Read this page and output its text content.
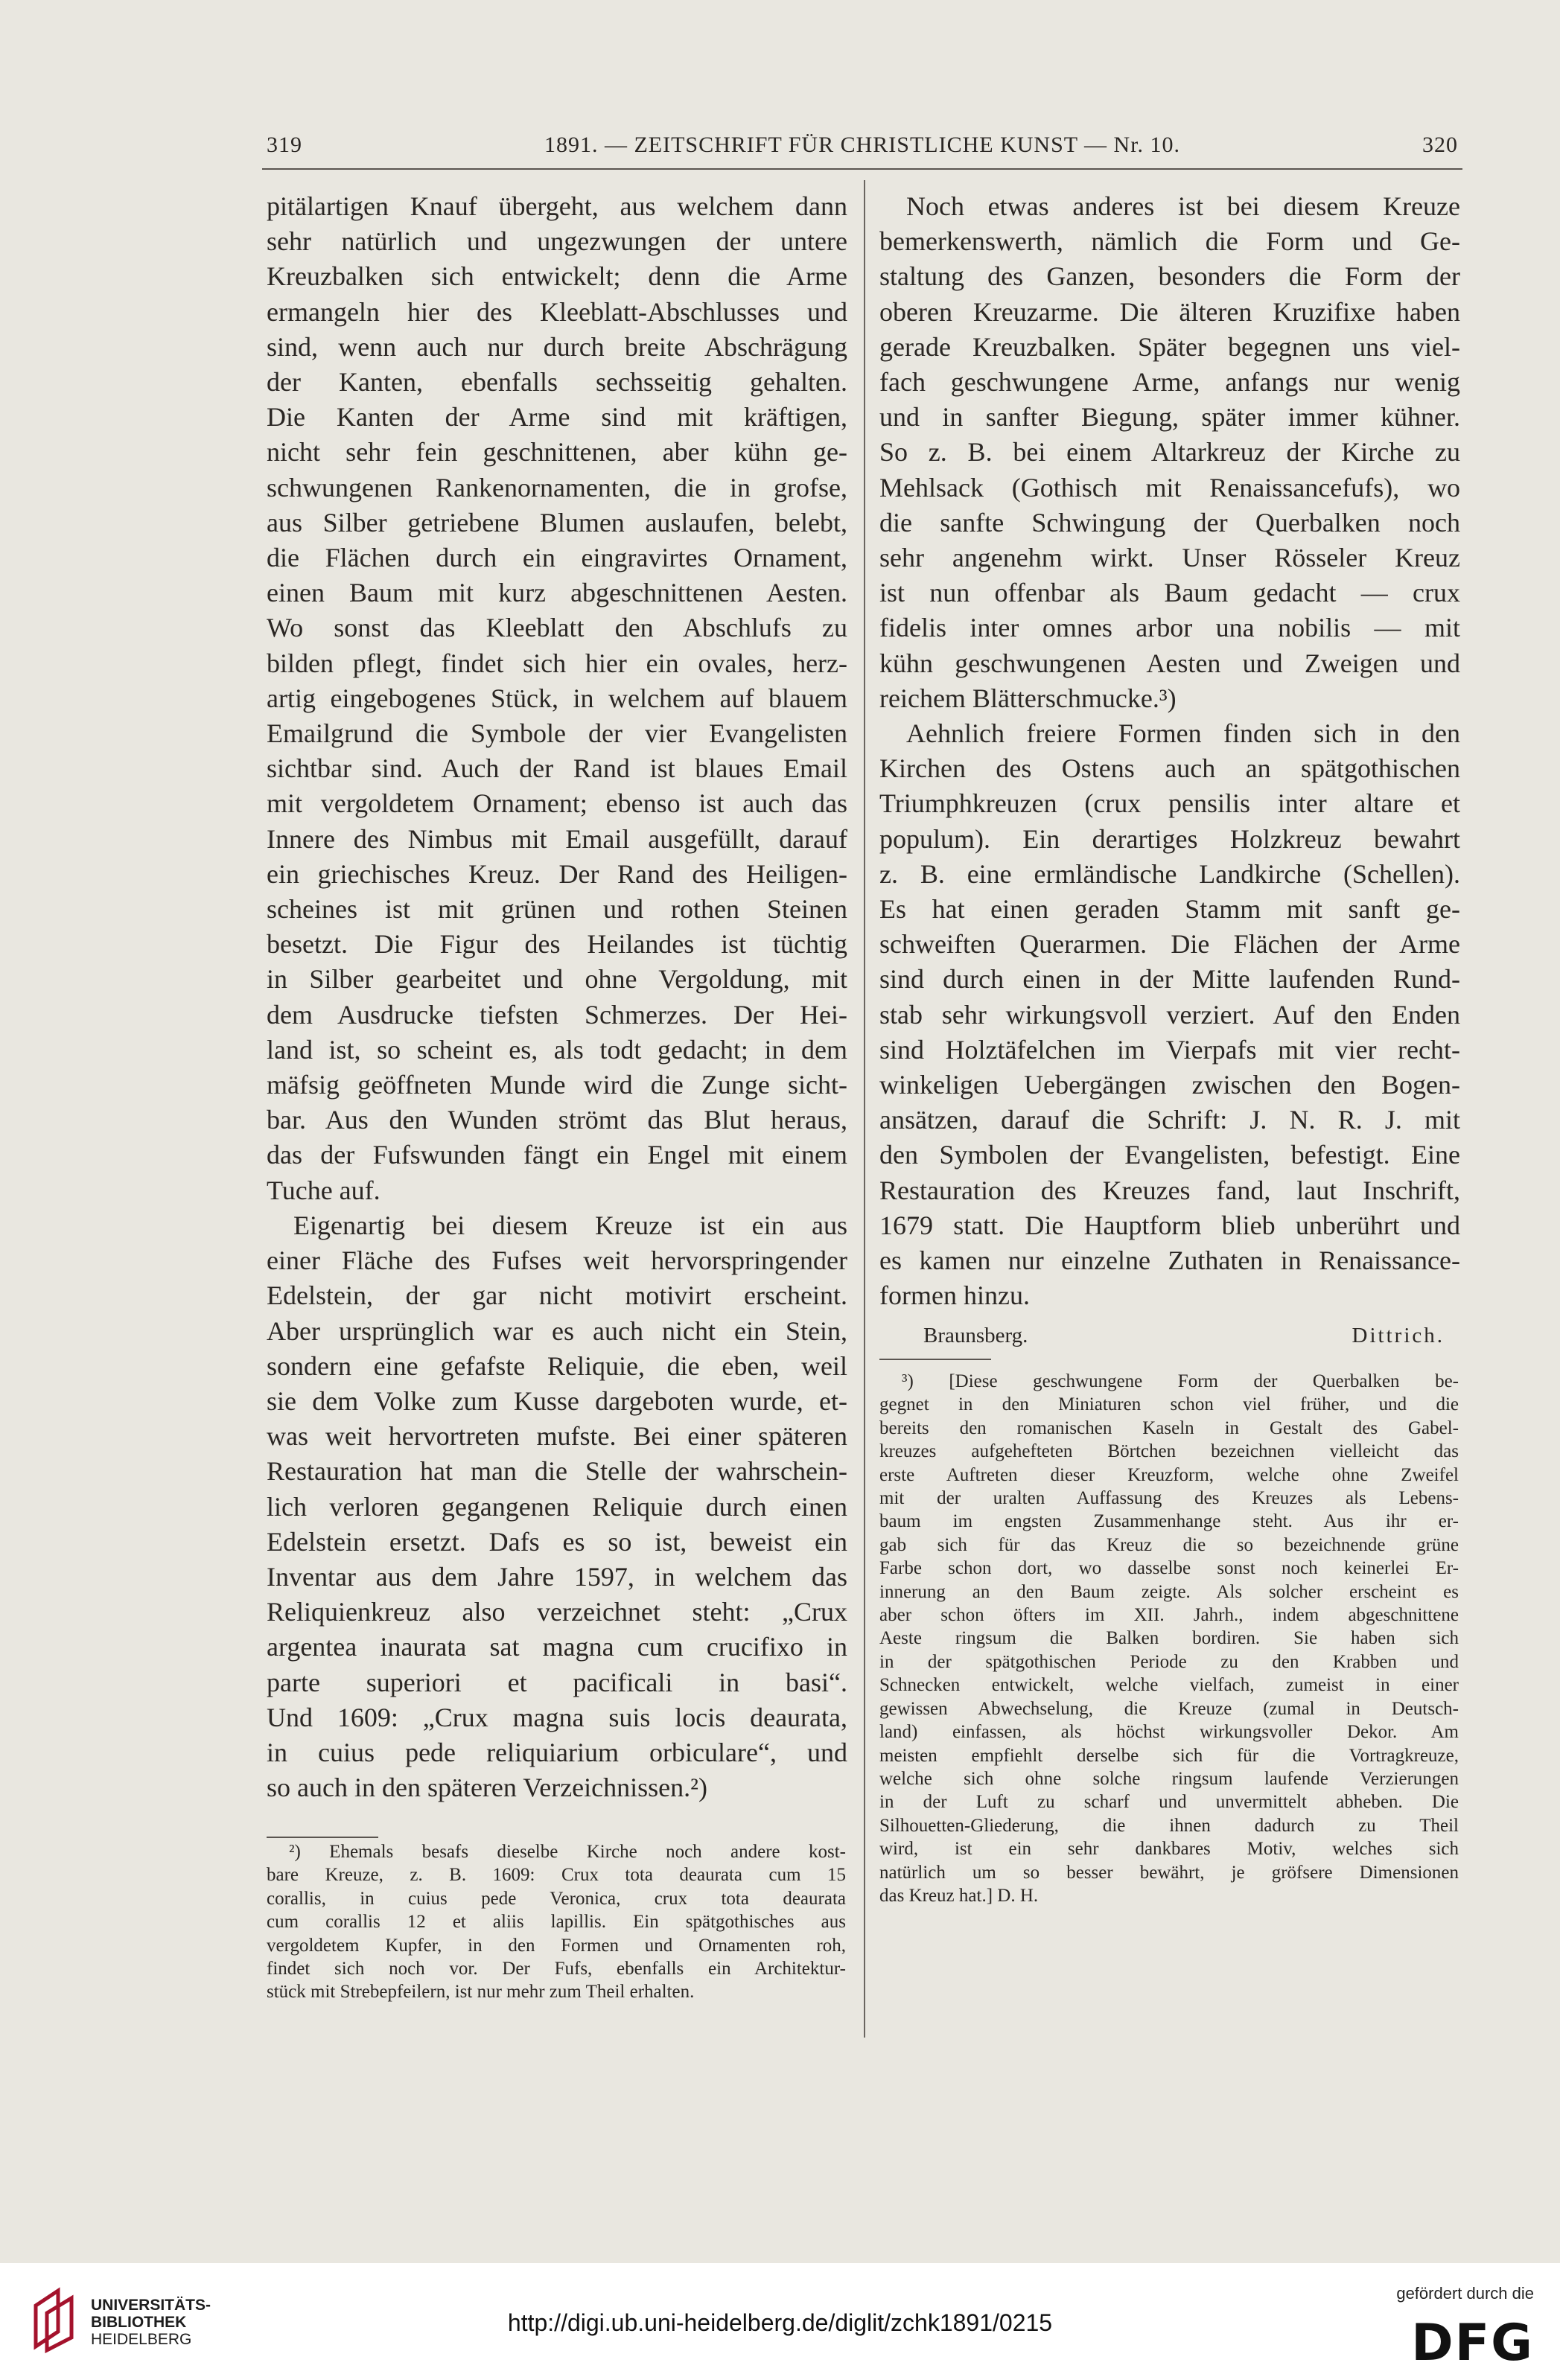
319	1891. — ZEITSCHRIFT FÜR CHRISTLICHE KUNST — Nr. 10.	320
pitälartigen Knauf übergeht, aus welchem dann
sehr natürlich und ungezwungen der untere
Kreuzbalken sich entwickelt; denn die Arme
ermangeln hier des Kleeblatt-Abschlusses und
sind, wenn auch nur durch breite Abschrägung
der Kanten, ebenfalls sechsseitig gehalten.
Die Kanten der Arme sind mit kräftigen,
nicht sehr fein geschnittenen, aber kühn ge-
schwungenen Rankenornamenten, die in grofse,
aus Silber getriebene Blumen auslaufen, belebt,
die Flächen durch ein eingravirtes Ornament,
einen Baum mit kurz abgeschnittenen Aesten.
Wo sonst das Kleeblatt den Abschlufs zu
bilden pflegt, findet sich hier ein ovales, herz-
artig eingebogenes Stück, in welchem auf blauem
Emailgrund die Symbole der vier Evangelisten
sichtbar sind. Auch der Rand ist blaues Email
mit vergoldetem Ornament; ebenso ist auch das
Innere des Nimbus mit Email ausgefüllt, darauf
ein griechisches Kreuz. Der Rand des Heiligen-
scheines ist mit grünen und rothen Steinen
besetzt. Die Figur des Heilandes ist tüchtig
in Silber gearbeitet und ohne Vergoldung, mit
dem Ausdrucke tiefsten Schmerzes. Der Hei-
land ist, so scheint es, als todt gedacht; in dem
mäfsig geöffneten Munde wird die Zunge sicht-
bar. Aus den Wunden strömt das Blut heraus,
das der Fufswunden fängt ein Engel mit einem
Tuche auf.
Eigenartig bei diesem Kreuze ist ein aus
einer Fläche des Fufses weit hervorspringender
Edelstein, der gar nicht motivirt erscheint.
Aber ursprünglich war es auch nicht ein Stein,
sondern eine gefafste Reliquie, die eben, weil
sie dem Volke zum Kusse dargeboten wurde, et-
was weit hervortreten mufste. Bei einer späteren
Restauration hat man die Stelle der wahrschein-
lich verloren gegangenen Reliquie durch einen
Edelstein ersetzt. Dafs es so ist, beweist ein
Inventar aus dem Jahre 1597, in welchem das
Reliquienkreuz also verzeichnet steht: „Crux
argentea inaurata sat magna cum crucifixo in
parte superiori et pacificali in basi“.
Und 1609: „Crux magna suis locis deaurata,
in cuius pede reliquiarium orbiculare“, und
so auch in den späteren Verzeichnissen.²)
²) Ehemals besafs dieselbe Kirche noch andere kost-
bare Kreuze, z. B. 1609: Crux tota deaurata cum 15
corallis, in cuius pede Veronica, crux tota deaurata
cum corallis 12 et aliis lapillis. Ein spätgothisches aus
vergoldetem Kupfer, in den Formen und Ornamenten roh,
findet sich noch vor. Der Fufs, ebenfalls ein Architektur-
stück mit Strebepfeilern, ist nur mehr zum Theil erhalten.
Noch etwas anderes ist bei diesem Kreuze
bemerkenswerth, nämlich die Form und Ge-
staltung des Ganzen, besonders die Form der
oberen Kreuzarme. Die älteren Kruzifixe haben
gerade Kreuzbalken. Später begegnen uns viel-
fach geschwungene Arme, anfangs nur wenig
und in sanfter Biegung, später immer kühner.
So z. B. bei einem Altarkreuz der Kirche zu
Mehlsack (Gothisch mit Renaissancefufs), wo
die sanfte Schwingung der Querbalken noch
sehr angenehm wirkt. Unser Rösseler Kreuz
ist nun offenbar als Baum gedacht — crux
fidelis inter omnes arbor una nobilis — mit
kühn geschwungenen Aesten und Zweigen und
reichem Blätterschmucke.³)
Aehnlich freiere Formen finden sich in den
Kirchen des Ostens auch an spätgothischen
Triumphkreuzen (crux pensilis inter altare et
populum). Ein derartiges Holzkreuz bewahrt
z. B. eine ermländische Landkirche (Schellen).
Es hat einen geraden Stamm mit sanft ge-
schweiften Querarmen. Die Flächen der Arme
sind durch einen in der Mitte laufenden Rund-
stab sehr wirkungsvoll verziert. Auf den Enden
sind Holztäfelchen im Vierpafs mit vier recht-
winkeligen Uebergängen zwischen den Bogen-
ansätzen, darauf die Schrift: J. N. R. J. mit
den Symbolen der Evangelisten, befestigt. Eine
Restauration des Kreuzes fand, laut Inschrift,
1679 statt. Die Hauptform blieb unberührt und
es kamen nur einzelne Zuthaten in Renaissance-
formen hinzu.
Braunsberg.	Dittrich.
³) [Diese geschwungene Form der Querbalken be-
gegnet in den Miniaturen schon viel früher, und die
bereits den romanischen Kaseln in Gestalt des Gabel-
kreuzes aufgehefteten Börtchen bezeichnen vielleicht das
erste Auftreten dieser Kreuzform, welche ohne Zweifel
mit der uralten Auffassung des Kreuzes als Lebens-
baum im engsten Zusammenhange steht. Aus ihr er-
gab sich für das Kreuz die so bezeichnende grüne
Farbe schon dort, wo dasselbe sonst noch keinerlei Er-
innerung an den Baum zeigte. Als solcher erscheint es
aber schon öfters im XII. Jahrh., indem abgeschnittene
Aeste ringsum die Balken bordiren. Sie haben sich
in der spätgothischen Periode zu den Krabben und
Schnecken entwickelt, welche vielfach, zumeist in einer
gewissen Abwechselung, die Kreuze (zumal in Deutsch-
land) einfassen, als höchst wirkungsvoller Dekor. Am
meisten empfiehlt derselbe sich für die Vortragkreuze,
welche sich ohne solche ringsum laufende Verzierungen
in der Luft zu scharf und unvermittelt abheben. Die
Silhouetten-Gliederung, die ihnen dadurch zu Theil
wird, ist ein sehr dankbares Motiv, welches sich
natürlich um so besser bewährt, je gröfsere Dimensionen
das Kreuz hat.] D. H.
UNIVERSITÄTS-
BIBLIOTHEK
HEIDELBERG
http://digi.ub.uni-heidelberg.de/diglit/zchk1891/0215
gefördert durch die
DFG
